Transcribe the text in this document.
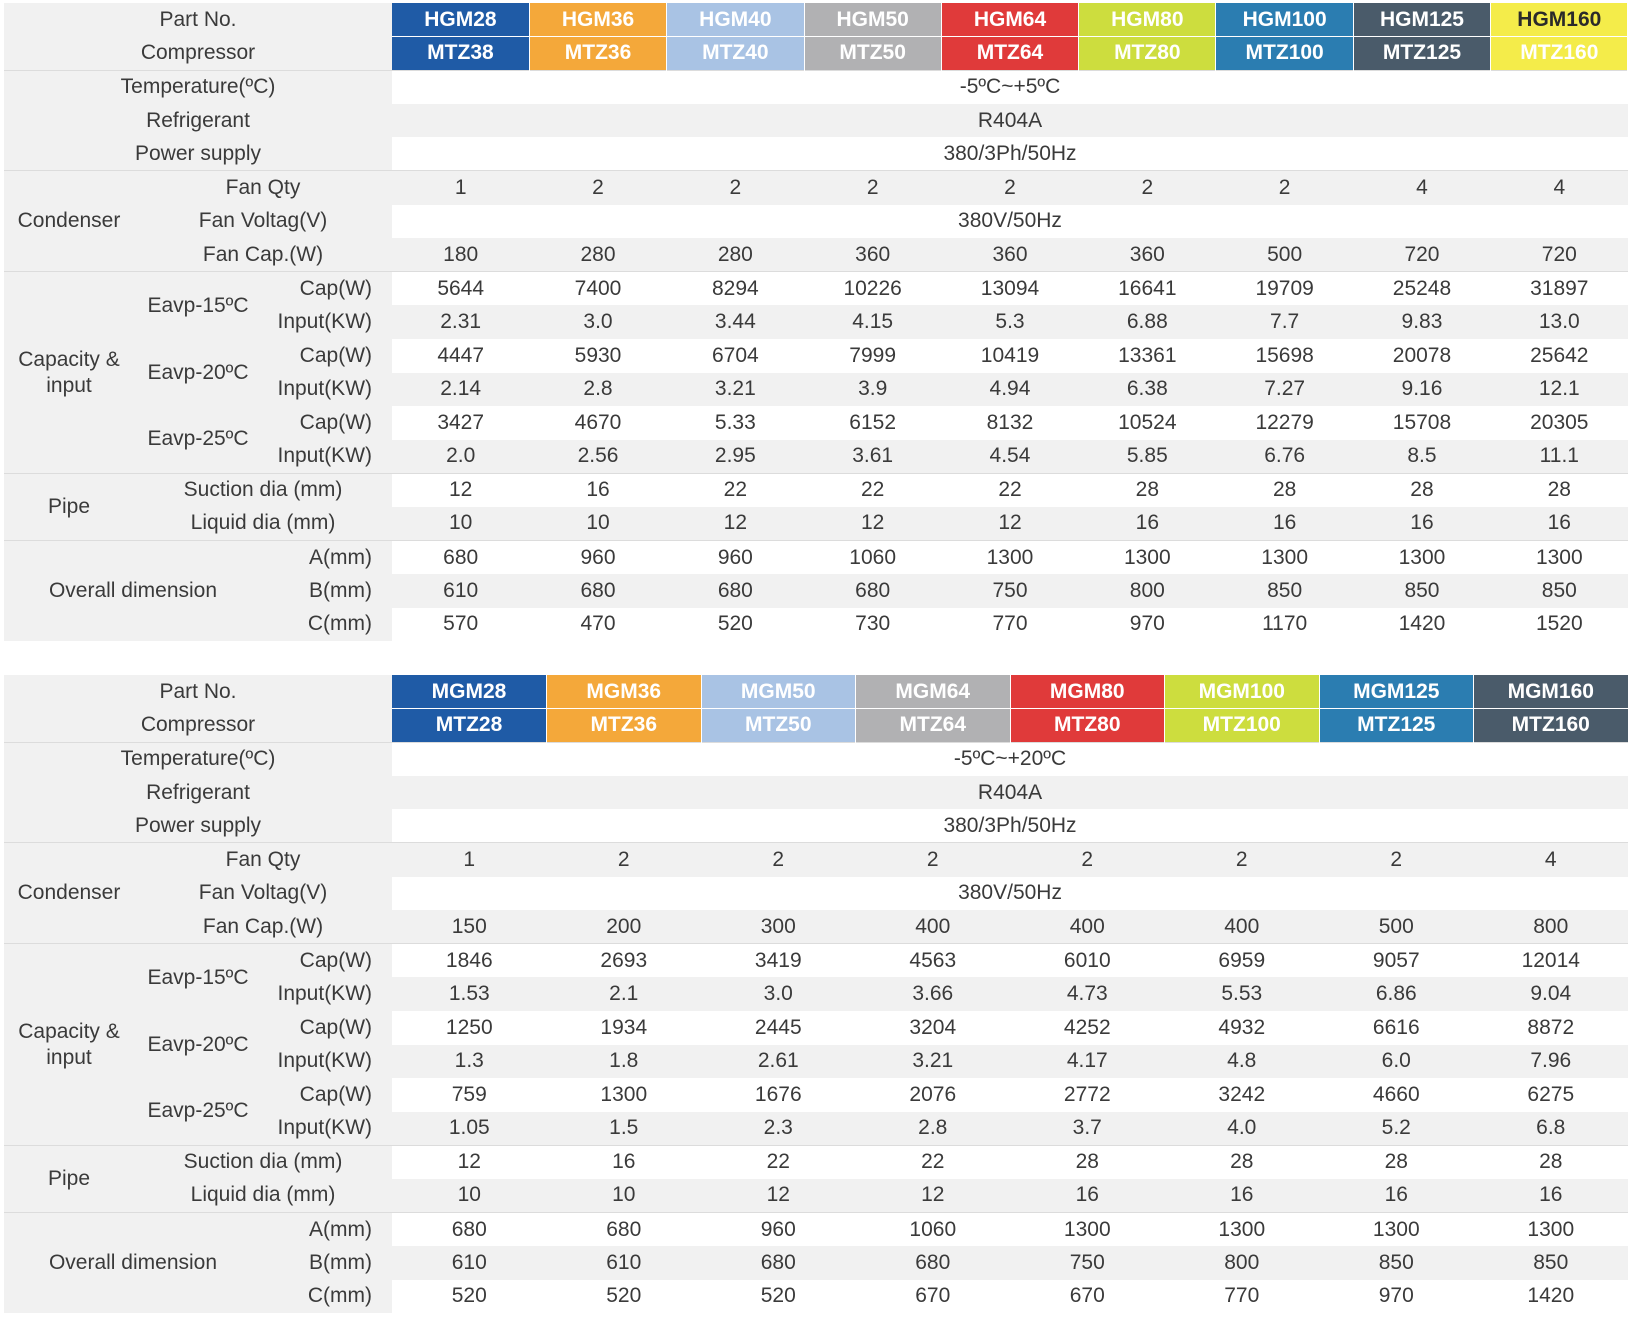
Part No.			HGM28	HGM36	HGM40	HGM50	HGM64	HGM80	HGM100	HGM125	HGM160
Compressor			MTZ38	MTZ36	MTZ40	MTZ50	MTZ64	MTZ80	MTZ100	MTZ125	MTZ160
Temperature(ºC)			-5ºC~+5ºC								
Refrigerant			R404A								
Power supply			380/3Ph/50Hz								
Condenser	Fan Qty		1	2	2	2	2	2	2	4	4
	Fan Voltag(V)		380V/50Hz								
	Fan Cap.(W)		180	280	280	360	360	360	500	720	720
Capacity & input	Eavp-15ºC	Cap(W)	5644	7400	8294	10226	13094	16641	19709	25248	31897
		Input(KW)	2.31	3.0	3.44	4.15	5.3	6.88	7.7	9.83	13.0
	Eavp-20ºC	Cap(W)	4447	5930	6704	7999	10419	13361	15698	20078	25642
		Input(KW)	2.14	2.8	3.21	3.9	4.94	6.38	7.27	9.16	12.1
	Eavp-25ºC	Cap(W)	3427	4670	5.33	6152	8132	10524	12279	15708	20305
		Input(KW)	2.0	2.56	2.95	3.61	4.54	5.85	6.76	8.5	11.1
Pipe	Suction dia (mm)		12	16	22	22	22	28	28	28	28
	Liquid dia (mm)		10	10	12	12	12	16	16	16	16
Overall dimension		A(mm)	680	960	960	1060	1300	1300	1300	1300	1300
		B(mm)	610	680	680	680	750	800	850	850	850
		C(mm)	570	470	520	730	770	970	1170	1420	1520
Part No.			MGM28	MGM36	MGM50	MGM64	MGM80	MGM100	MGM125	MGM160
Compressor			MTZ28	MTZ36	MTZ50	MTZ64	MTZ80	MTZ100	MTZ125	MTZ160
Temperature(ºC)			-5ºC~+20ºC							
Refrigerant			R404A							
Power supply			380/3Ph/50Hz							
Condenser	Fan Qty		1	2	2	2	2	2	2	4
	Fan Voltag(V)		380V/50Hz							
	Fan Cap.(W)		150	200	300	400	400	400	500	800
Capacity & input	Eavp-15ºC	Cap(W)	1846	2693	3419	4563	6010	6959	9057	12014
		Input(KW)	1.53	2.1	3.0	3.66	4.73	5.53	6.86	9.04
	Eavp-20ºC	Cap(W)	1250	1934	2445	3204	4252	4932	6616	8872
		Input(KW)	1.3	1.8	2.61	3.21	4.17	4.8	6.0	7.96
	Eavp-25ºC	Cap(W)	759	1300	1676	2076	2772	3242	4660	6275
		Input(KW)	1.05	1.5	2.3	2.8	3.7	4.0	5.2	6.8
Pipe	Suction dia (mm)		12	16	22	22	28	28	28	28
	Liquid dia (mm)		10	10	12	12	16	16	16	16
Overall dimension		A(mm)	680	680	960	1060	1300	1300	1300	1300
		B(mm)	610	610	680	680	750	800	850	850
		C(mm)	520	520	520	670	670	770	970	1420
